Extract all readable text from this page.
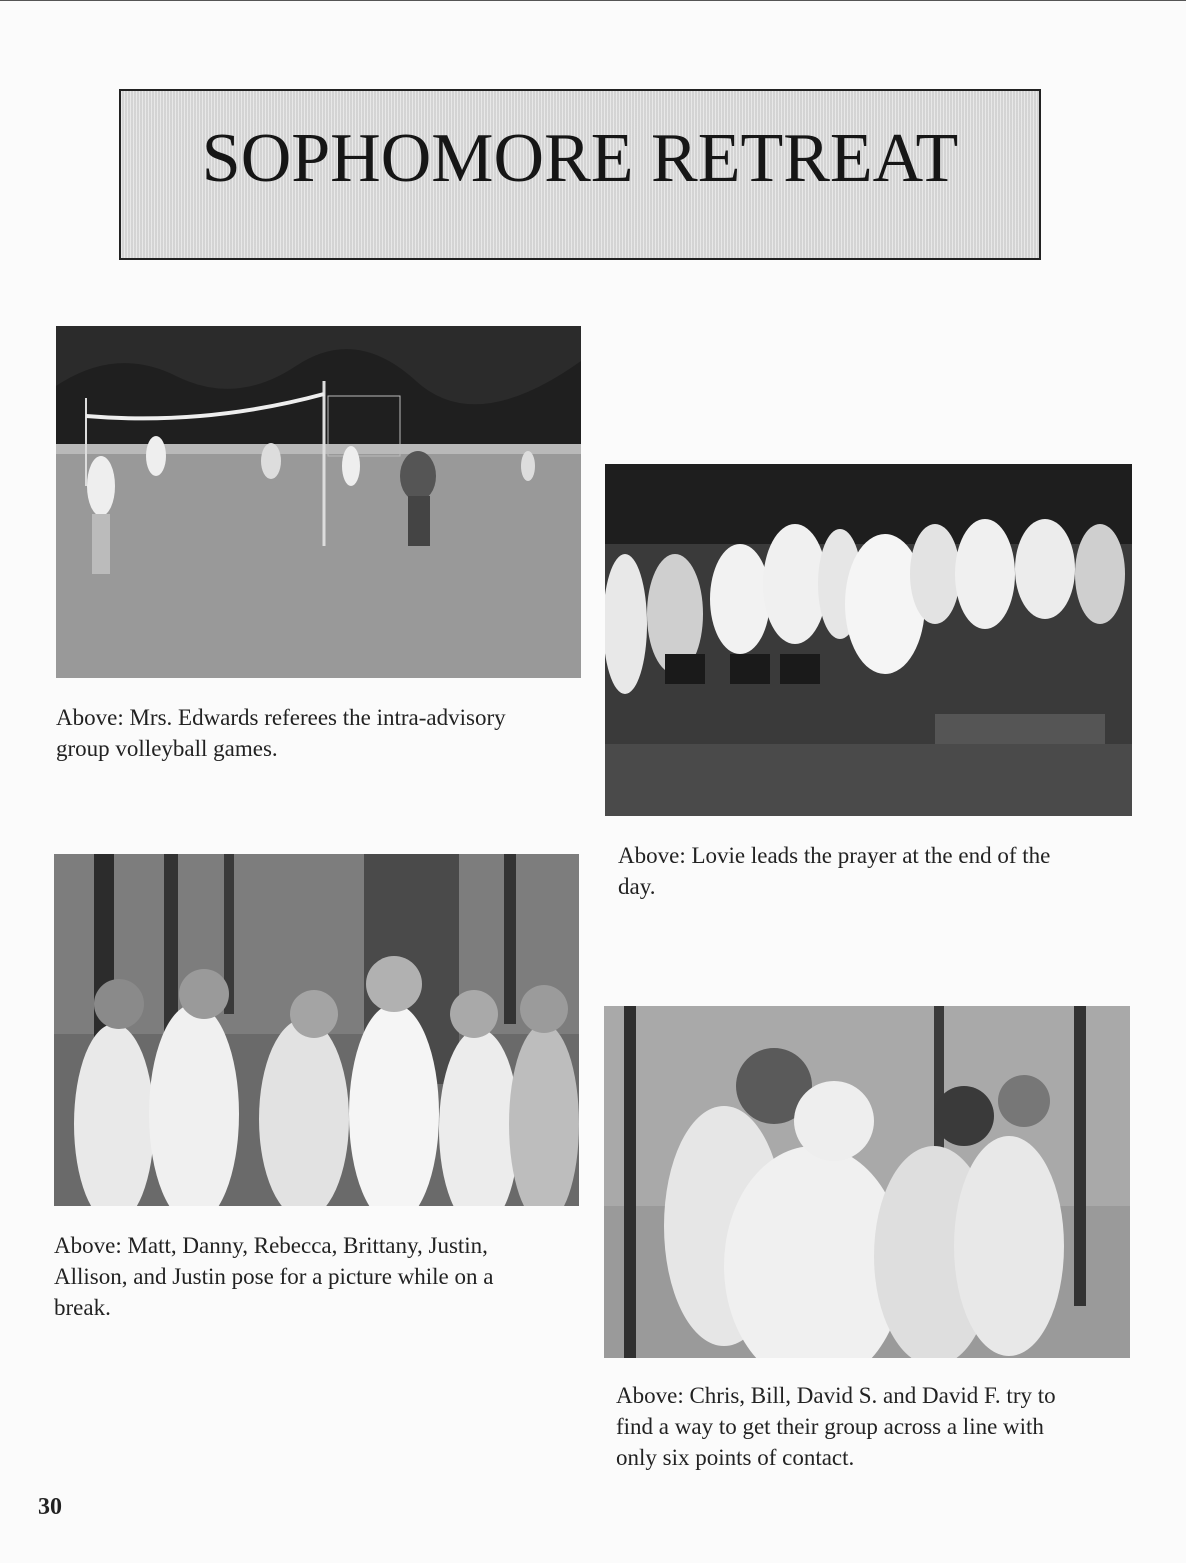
SOPHOMORE RETREAT

Above: Mrs. Edwards referees the intra-advisory
group volleyball games.

Above: Lovie leads the prayer at the end of the
day.

Above: Matt, Danny, Rebecca, Brittany, Justin,
Allison, and Justin pose for a picture while on a
break.

Above: Chris, Bill, David S. and David F. try to
find a way to get their group across a line with
only six points of contact.

30
